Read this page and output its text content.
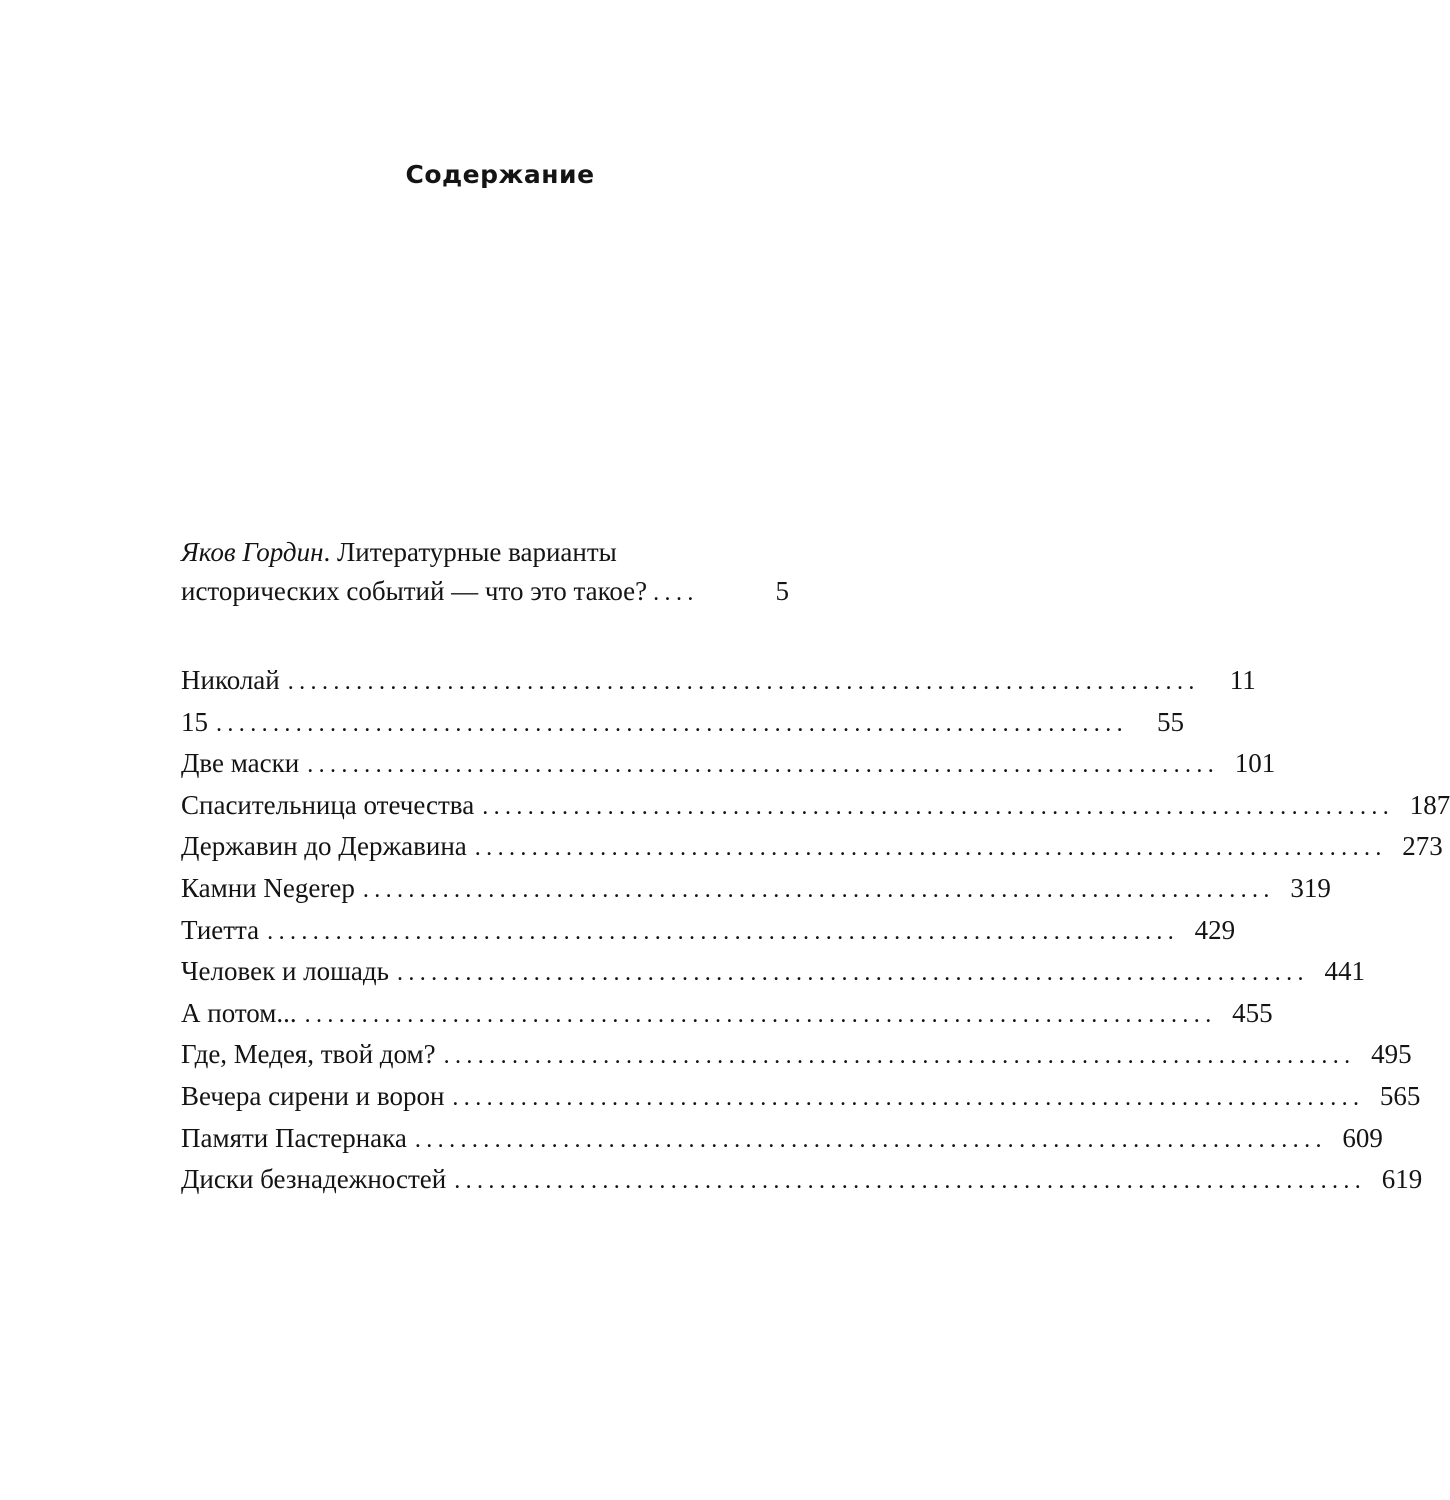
Содержание
Яков Гордин . Литературные варианты
исторических событий — что это такое? ....	5
Николай ................................................................................	11
15 ................................................................................	55
Две маски ................................................................................ 101
Спасительница отечества ................................................................................ 187
Державин до Державина ................................................................................ 273
Камни Negerep ................................................................................ 319
Тиетта ................................................................................ 429
Человек и лошадь ................................................................................ 441
А потом... ................................................................................ 455
Где, Медея, твой дом? ................................................................................ 495
Вечера сирени и ворон ................................................................................ 565
Памяти Пастернака ................................................................................ 609
Диски безнадежностей ................................................................................ 619
